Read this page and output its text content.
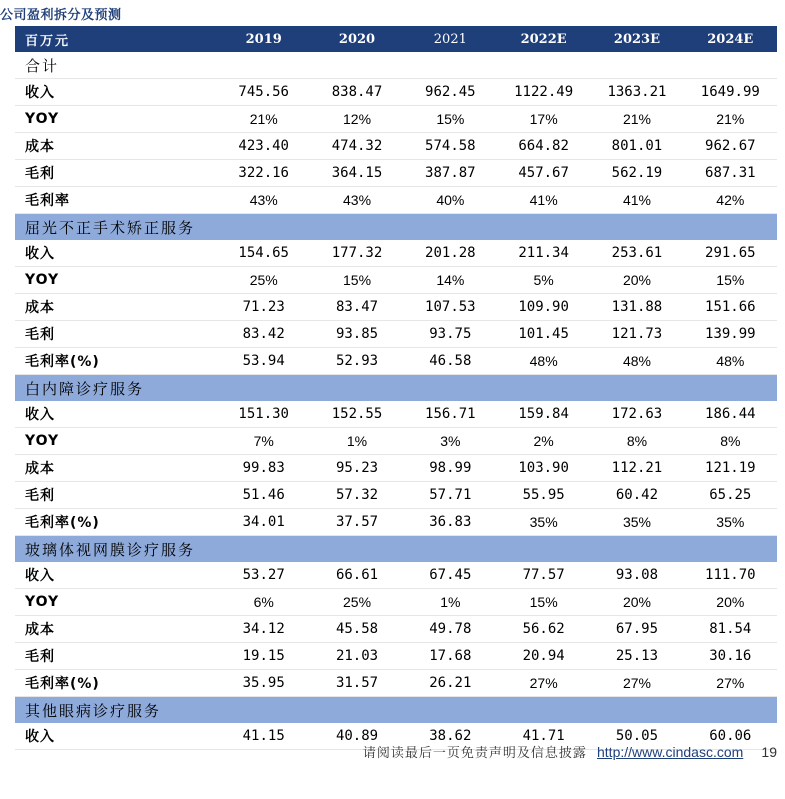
公司盈利拆分及预测
百万元	2019	2020	2021	2022E	2023E	2024E
合计						
收入	745.56	838.47	962.45	1122.49	1363.21	1649.99
YOY	21%	12%	15%	17%	21%	21%
成本	423.40	474.32	574.58	664.82	801.01	962.67
毛利	322.16	364.15	387.87	457.67	562.19	687.31
毛利率	43%	43%	40%	41%	41%	42%
屈光不正手术矫正服务						
收入	154.65	177.32	201.28	211.34	253.61	291.65
YOY	25%	15%	14%	5%	20%	15%
成本	71.23	83.47	107.53	109.90	131.88	151.66
毛利	83.42	93.85	93.75	101.45	121.73	139.99
毛利率(%)	53.94	52.93	46.58	48%	48%	48%
白内障诊疗服务						
收入	151.30	152.55	156.71	159.84	172.63	186.44
YOY	7%	1%	3%	2%	8%	8%
成本	99.83	95.23	98.99	103.90	112.21	121.19
毛利	51.46	57.32	57.71	55.95	60.42	65.25
毛利率(%)	34.01	37.57	36.83	35%	35%	35%
玻璃体视网膜诊疗服务						
收入	53.27	66.61	67.45	77.57	93.08	111.70
YOY	6%	25%	1%	15%	20%	20%
成本	34.12	45.58	49.78	56.62	67.95	81.54
毛利	19.15	21.03	17.68	20.94	25.13	30.16
毛利率(%)	35.95	31.57	26.21	27%	27%	27%
其他眼病诊疗服务						
收入	41.15	40.89	38.62	41.71	50.05	60.06
请阅读最后一页免责声明及信息披露 http://www.cindasc.com 19
